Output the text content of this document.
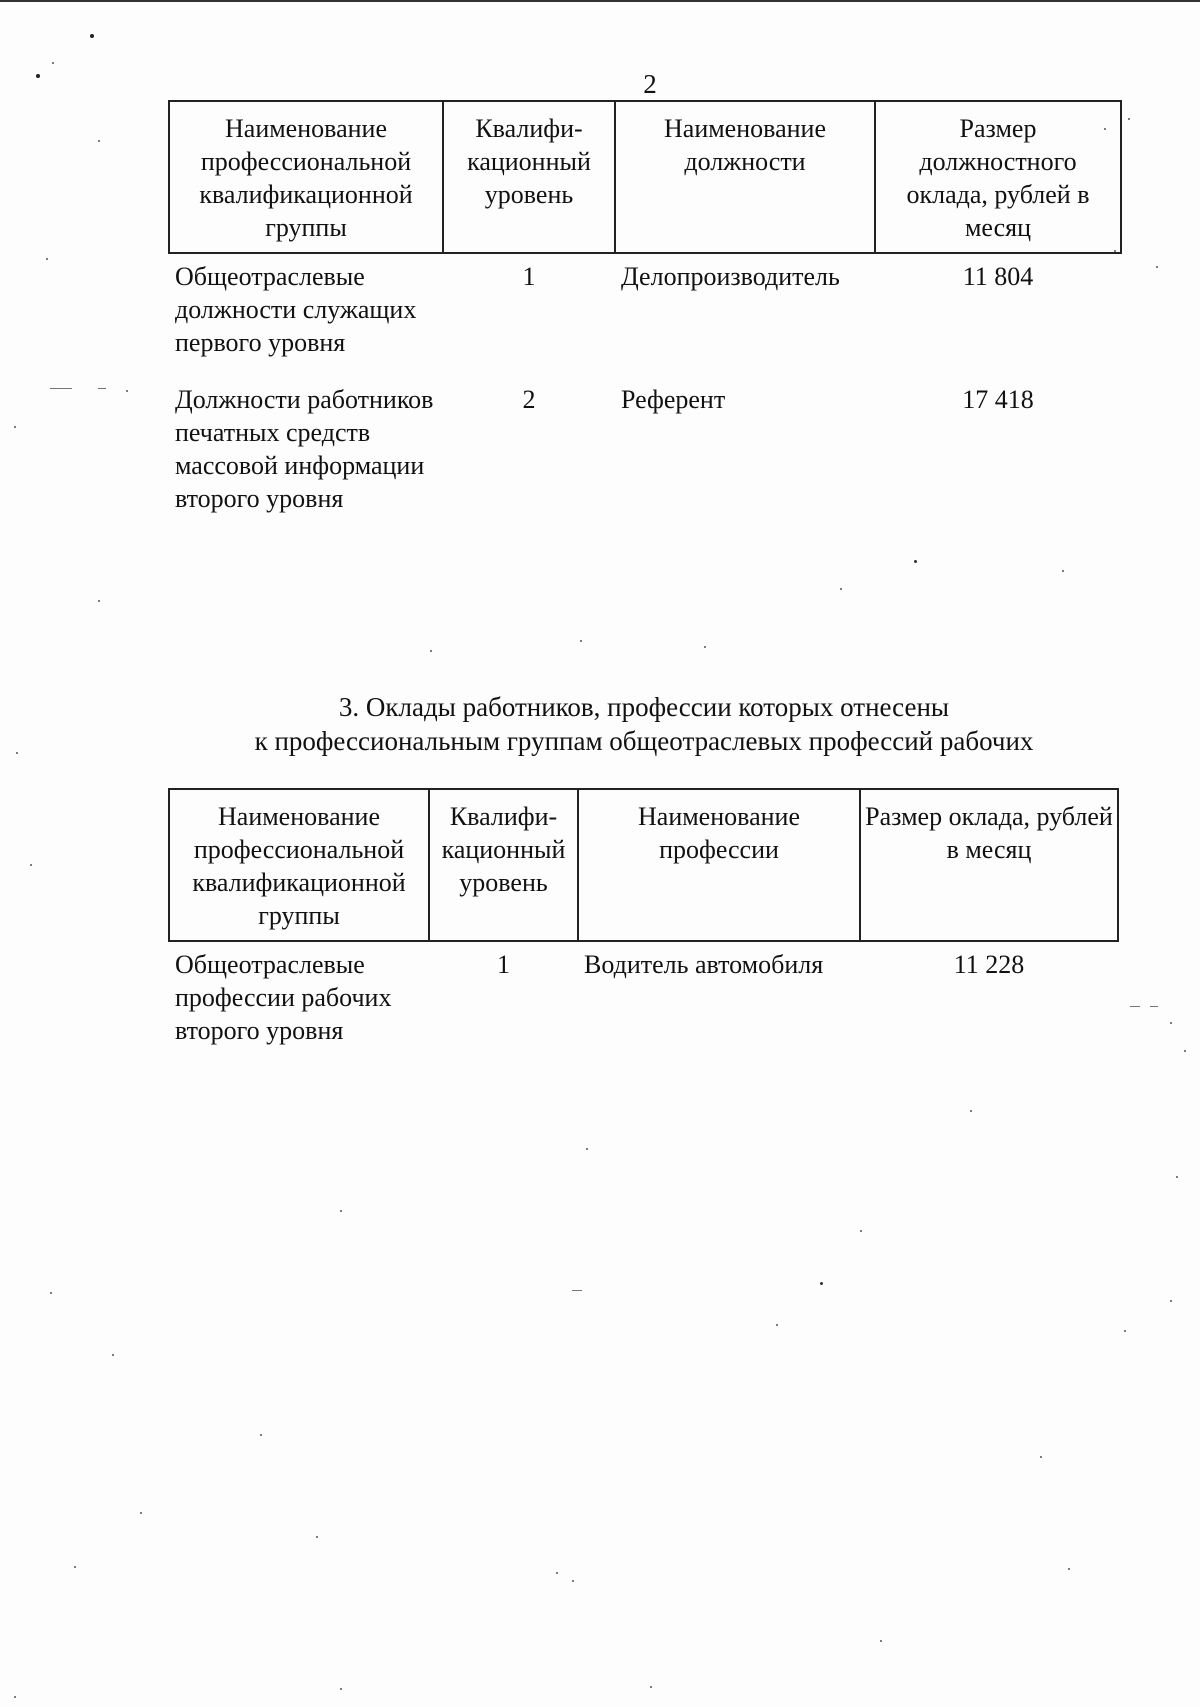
2
Наименование профессиональной квалификационной группы	Квалифи-кационный уровень	Наименование должности	Размер должностного оклада, рублей в месяц
Общеотраслевые должности служащих первого уровня	1	Делопроизводитель	11 804
Должности работников печатных средств массовой информации второго уровня	2	Референт	17 418
3. Оклады работников, профессии которых отнесены
к профессиональным группам общеотраслевых профессий рабочих
Наименование профессиональной квалификационной группы	Квалифи-кационный уровень	Наименование профессии	Размер оклада, рублей в месяц
Общеотраслевые профессии рабочих второго уровня	1	Водитель автомобиля	11 228
